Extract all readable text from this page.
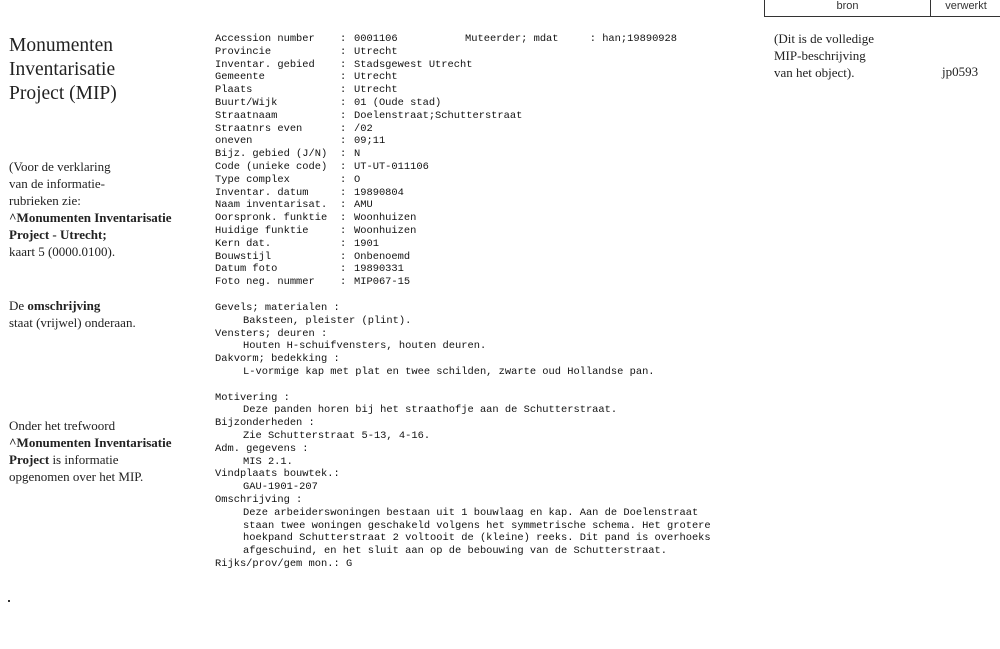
bron	verwerkt
Monumenten
Inventarisatie
Project (MIP)
(Voor de verklaring
van de informatie-
rubrieken zie:
^Monumenten Inventarisatie
Project - Utrecht;
kaart 5 (0000.0100).
De omschrijving
staat (vrijwel) onderaan.
Onder het trefwoord
^Monumenten Inventarisatie
Project is informatie
opgenomen over het MIP.
(Dit is de volledige
MIP-beschrijving
van het object).	jp0593
Muteerder; mdat	: han;19890928
Accession number	: 0001106
Provincie	: Utrecht
Inventar. gebied	: Stadsgewest Utrecht
Gemeente	: Utrecht
Plaats	: Utrecht
Buurt/Wijk	: 01 (Oude stad)
Straatnaam	: Doelenstraat;Schutterstraat
Straatnrs even	: /02
oneven	: 09;11
Bijz. gebied (J/N)	: N
Code (unieke code)	: UT-UT-011106
Type complex	: O
Inventar. datum	: 19890804
Naam inventarisat.	: AMU
Oorspronk. funktie	: Woonhuizen
Huidige funktie	: Woonhuizen
Kern dat.	: 1901
Bouwstijl	: Onbenoemd
Datum foto	: 19890331
Foto neg. nummer	: MIP067-15
Gevels; materialen :
Baksteen, pleister (plint).
Vensters; deuren :
Houten H-schuifvensters, houten deuren.
Dakvorm; bedekking :
L-vormige kap met plat en twee schilden, zwarte oud Hollandse pan.
Motivering :
Deze panden horen bij het straathofje aan de Schutterstraat.
Bijzonderheden :
Zie Schutterstraat 5-13, 4-16.
Adm. gegevens :
MIS 2.1.
Vindplaats bouwtek.:
GAU-1901-207
Omschrijving :
Deze arbeiderswoningen bestaan uit 1 bouwlaag en kap. Aan de Doelenstraat
staan twee woningen geschakeld volgens het symmetrische schema. Het grotere
hoekpand Schutterstraat 2 voltooit de (kleine) reeks. Dit pand is overhoeks
afgeschuind, en het sluit aan op de bebouwing van de Schutterstraat.
Rijks/prov/gem mon.: G
